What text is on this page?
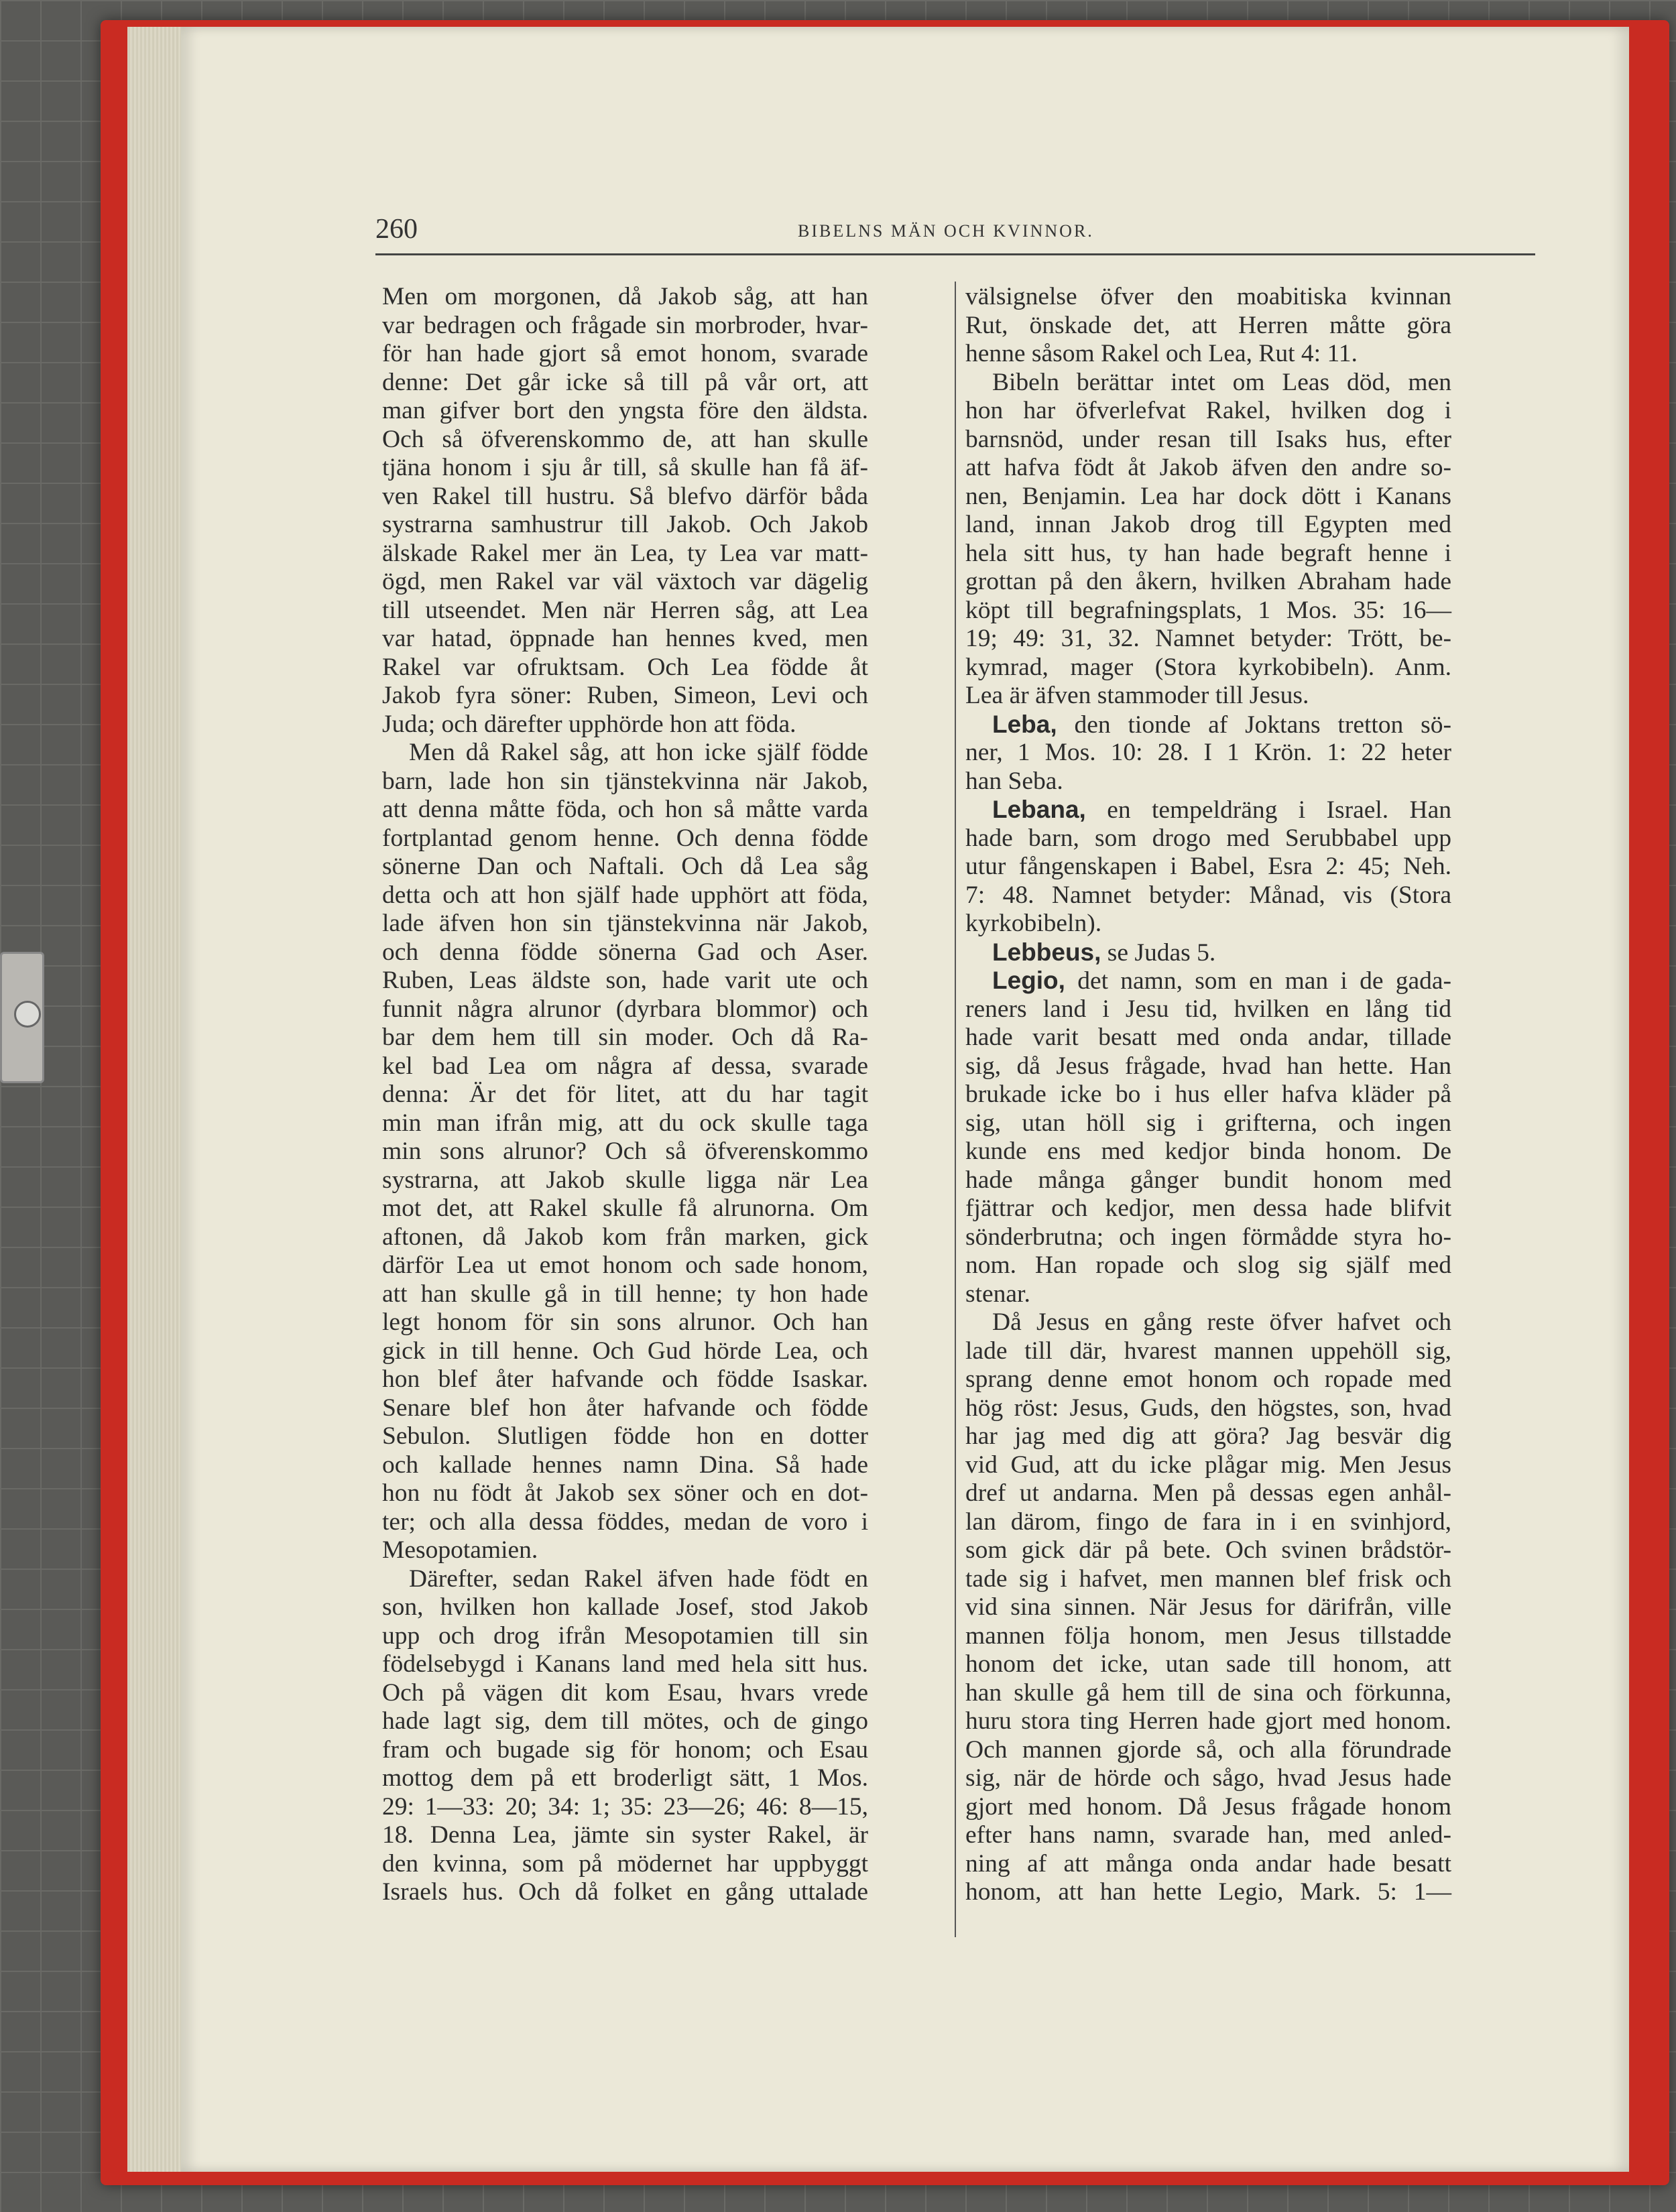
260	BIBELNS MÄN OCH KVINNOR.
Men om morgonen, då Jakob såg, att han
var bedragen och frågade sin morbroder, hvar-
för han hade gjort så emot honom, svarade
denne: Det går icke så till på vår ort, att
man gifver bort den yngsta före den äldsta.
Och så öfverenskommo de, att han skulle
tjäna honom i sju år till, så skulle han få äf-
ven Rakel till hustru. Så blefvo därför båda
systrarna samhustrur till Jakob. Och Jakob
älskade Rakel mer än Lea, ty Lea var matt-
ögd, men Rakel var väl växtoch var dägelig
till utseendet. Men när Herren såg, att Lea
var hatad, öppnade han hennes kved, men
Rakel var ofruktsam. Och Lea födde åt
Jakob fyra söner: Ruben, Simeon, Levi och
Juda; och därefter upphörde hon att föda.
Men då Rakel såg, att hon icke själf födde
barn, lade hon sin tjänstekvinna när Jakob,
att denna måtte föda, och hon så måtte varda
fortplantad genom henne. Och denna födde
sönerne Dan och Naftali. Och då Lea såg
detta och att hon själf hade upphört att föda,
lade äfven hon sin tjänstekvinna när Jakob,
och denna födde sönerna Gad och Aser.
Ruben, Leas äldste son, hade varit ute och
funnit några alrunor (dyrbara blommor) och
bar dem hem till sin moder. Och då Ra-
kel bad Lea om några af dessa, svarade
denna: Är det för litet, att du har tagit
min man ifrån mig, att du ock skulle taga
min sons alrunor? Och så öfverenskommo
systrarna, att Jakob skulle ligga när Lea
mot det, att Rakel skulle få alrunorna. Om
aftonen, då Jakob kom från marken, gick
därför Lea ut emot honom och sade honom,
att han skulle gå in till henne; ty hon hade
legt honom för sin sons alrunor. Och han
gick in till henne. Och Gud hörde Lea, och
hon blef åter hafvande och födde Isaskar.
Senare blef hon åter hafvande och födde
Sebulon. Slutligen födde hon en dotter
och kallade hennes namn Dina. Så hade
hon nu födt åt Jakob sex söner och en dot-
ter; och alla dessa föddes, medan de voro i
Mesopotamien.
Därefter, sedan Rakel äfven hade födt en
son, hvilken hon kallade Josef, stod Jakob
upp och drog ifrån Mesopotamien till sin
födelsebygd i Kanans land med hela sitt hus.
Och på vägen dit kom Esau, hvars vrede
hade lagt sig, dem till mötes, och de gingo
fram och bugade sig för honom; och Esau
mottog dem på ett broderligt sätt, 1 Mos.
29: 1—33: 20; 34: 1; 35: 23—26; 46: 8—15,
18. Denna Lea, jämte sin syster Rakel, är
den kvinna, som på mödernet har uppbyggt
Israels hus. Och då folket en gång uttalade
välsignelse öfver den moabitiska kvinnan
Rut, önskade det, att Herren måtte göra
henne såsom Rakel och Lea, Rut 4: 11.
Bibeln berättar intet om Leas död, men
hon har öfverlefvat Rakel, hvilken dog i
barnsnöd, under resan till Isaks hus, efter
att hafva födt åt Jakob äfven den andre so-
nen, Benjamin. Lea har dock dött i Kanans
land, innan Jakob drog till Egypten med
hela sitt hus, ty han hade begraft henne i
grottan på den åkern, hvilken Abraham hade
köpt till begrafningsplats, 1 Mos. 35: 16—
19; 49: 31, 32. Namnet betyder: Trött, be-
kymrad, mager (Stora kyrkobibeln). Anm.
Lea är äfven stammoder till Jesus.
Leba, den tionde af Joktans tretton sö-
ner, 1 Mos. 10: 28. I 1 Krön. 1: 22 heter
han Seba.
Lebana, en tempeldräng i Israel. Han
hade barn, som drogo med Serubbabel upp
utur fångenskapen i Babel, Esra 2: 45; Neh.
7: 48. Namnet betyder: Månad, vis (Stora
kyrkobibeln).
Lebbeus, se Judas 5.
Legio, det namn, som en man i de gada-
reners land i Jesu tid, hvilken en lång tid
hade varit besatt med onda andar, tillade
sig, då Jesus frågade, hvad han hette. Han
brukade icke bo i hus eller hafva kläder på
sig, utan höll sig i grifterna, och ingen
kunde ens med kedjor binda honom. De
hade många gånger bundit honom med
fjättrar och kedjor, men dessa hade blifvit
sönderbrutna; och ingen förmådde styra ho-
nom. Han ropade och slog sig själf med
stenar.
Då Jesus en gång reste öfver hafvet och
lade till där, hvarest mannen uppehöll sig,
sprang denne emot honom och ropade med
hög röst: Jesus, Guds, den högstes, son, hvad
har jag med dig att göra? Jag besvär dig
vid Gud, att du icke plågar mig. Men Jesus
dref ut andarna. Men på dessas egen anhål-
lan därom, fingo de fara in i en svinhjord,
som gick där på bete. Och svinen brådstör-
tade sig i hafvet, men mannen blef frisk och
vid sina sinnen. När Jesus for därifrån, ville
mannen följa honom, men Jesus tillstadde
honom det icke, utan sade till honom, att
han skulle gå hem till de sina och förkunna,
huru stora ting Herren hade gjort med honom.
Och mannen gjorde så, och alla förundrade
sig, när de hörde och sågo, hvad Jesus hade
gjort med honom. Då Jesus frågade honom
efter hans namn, svarade han, med anled-
ning af att många onda andar hade besatt
honom, att han hette Legio, Mark. 5: 1—
